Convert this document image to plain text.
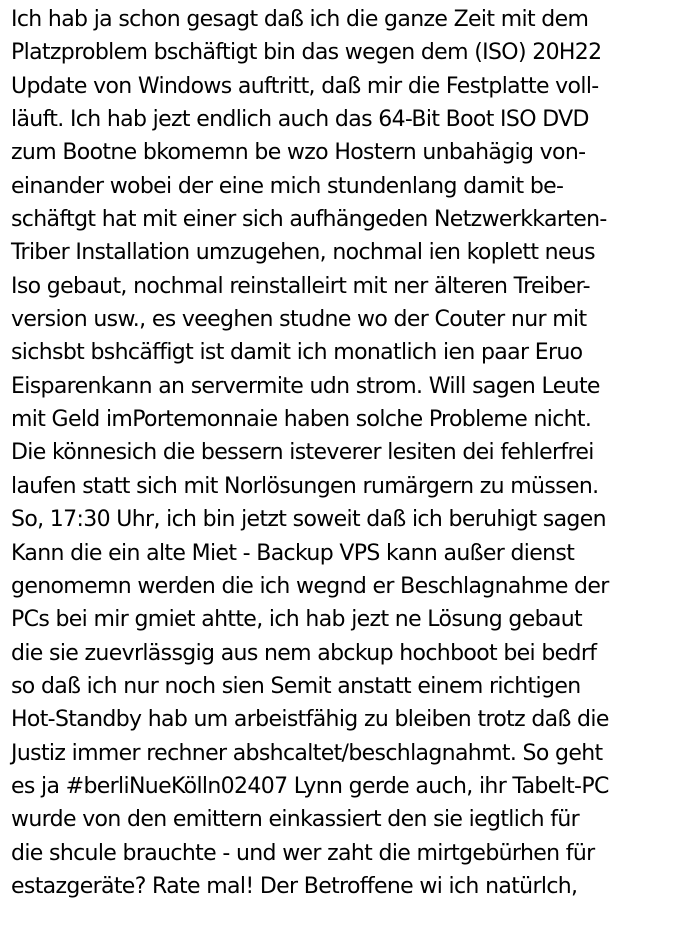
Ich hab ja schon gesagt daß ich die ganze Zeit mit dem
Platzproblem bschäftigt bin das wegen dem (ISO) 20H22
Update von Windows auftritt, daß mir die Festplatte voll-
läuft. Ich hab jezt endlich auch das 64-Bit Boot ISO DVD
zum Bootne bkomemn be wzo Hostern unbahägig von-
einander wobei der eine mich stundenlang damit be-
schäftgt hat mit einer sich aufhängeden Netzwerkkarten-
Triber Installation umzugehen, nochmal ien koplett neus
Iso gebaut, nochmal reinstalleirt mit ner älteren Treiber-
version usw., es veeghen studne wo der Couter nur mit
sichsbt bshcäffigt ist damit ich monatlich ien paar Eruo
Eisparenkann an servermite udn strom. Will sagen Leute
mit Geld imPortemonnaie haben solche Probleme nicht.
Die könnesich die bessern isteverer lesiten dei fehlerfrei
laufen statt sich mit Norlösungen rumärgern zu müssen.
So, 17:30 Uhr, ich bin jetzt soweit daß ich beruhigt sagen
Kann die ein alte Miet - Backup VPS kann außer dienst
genomemn werden die ich wegnd er Beschlagnahme der
PCs bei mir gmiet ahtte, ich hab jezt ne Lösung gebaut
die sie zuevrlässgig aus nem abckup hochboot bei bedrf
so daß ich nur noch sien Semit anstatt einem richtigen
Hot-Standby hab um arbeistfähig zu bleiben trotz daß die
Justiz immer rechner abshcaltet/beschlagnahmt. So geht
es ja #berliNueKölln02407 Lynn gerde auch, ihr Tabelt-PC
wurde von den emittern einkassiert den sie iegtlich für
die shcule brauchte - und wer zaht die mirtgebürhen für
estazgeräte? Rate mal! Der Betroffene wi ich natürlch,
